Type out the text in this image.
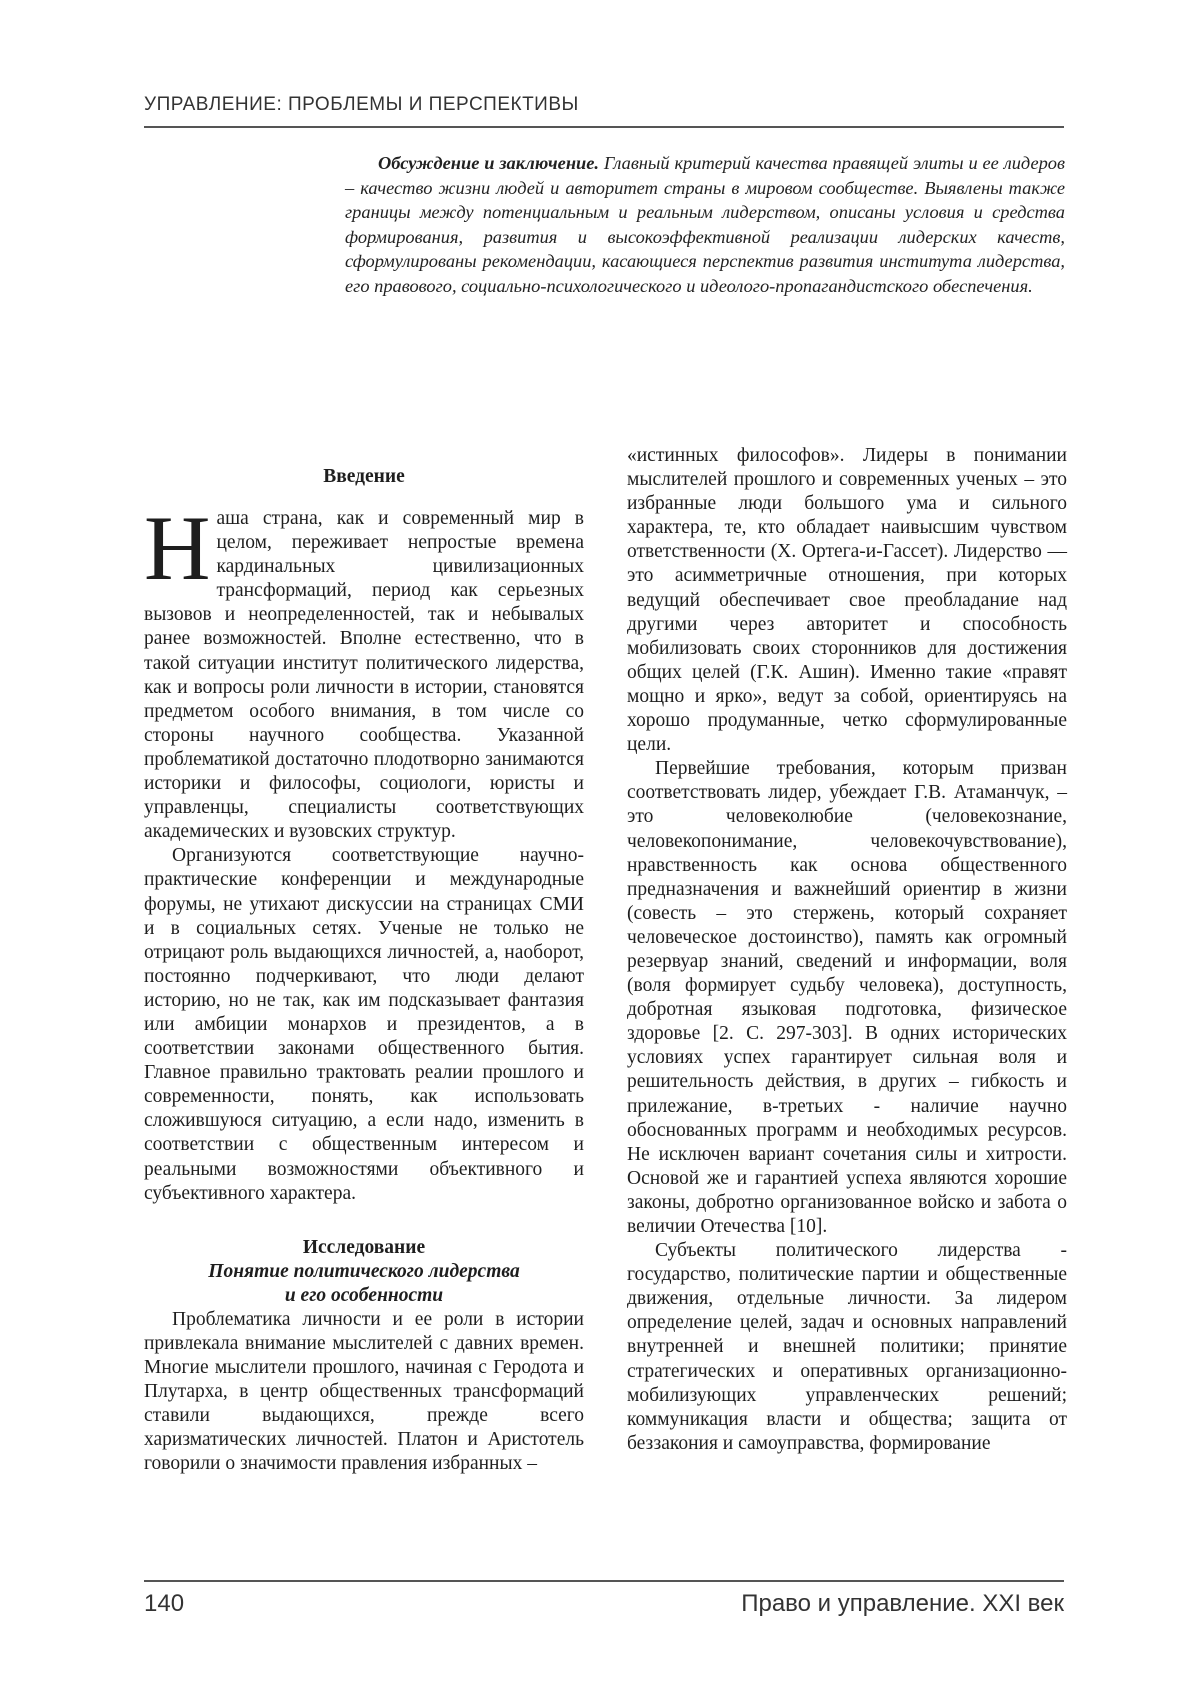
УПРАВЛЕНИЕ: ПРОБЛЕМЫ И ПЕРСПЕКТИВЫ

Обсуждение и заключение. Главный критерий качества правящей элиты и ее лидеров – качество жизни людей и авторитет страны в мировом сообществе. Выявлены также границы между потенциальным и реальным лидерством, описаны условия и средства формирования, развития и высокоэффективной реализации лидерских качеств, сформулированы рекомендации, касающиеся перспектив развития института лидерства, его правового, социально-психологического и идеолого-пропагандистского обеспечения.

Введение

Наша страна, как и современный мир в целом, переживает непростые времена кардинальных цивилизационных трансформаций, период как серьезных вызовов и неопределенностей, так и небывалых ранее возможностей. Вполне естественно, что в такой ситуации институт политического лидерства, как и вопросы роли личности в истории, становятся предметом особого внимания, в том числе со стороны научного сообщества. Указанной проблематикой достаточно плодотворно занимаются историки и философы, социологи, юристы и управленцы, специалисты соответствующих академических и вузовских структур.

Организуются соответствующие научно-практические конференции и международные форумы, не утихают дискуссии на страницах СМИ и в социальных сетях. Ученые не только не отрицают роль выдающихся личностей, а, наоборот, постоянно подчеркивают, что люди делают историю, но не так, как им подсказывает фантазия или амбиции монархов и президентов, а в соответствии законами общественного бытия. Главное правильно трактовать реалии прошлого и современности, понять, как использовать сложившуюся ситуацию, а если надо, изменить в соответствии с общественным интересом и реальными возможностями объективного и субъективного характера.

Исследование
Понятие политического лидерства
и его особенности

Проблематика личности и ее роли в истории привлекала внимание мыслителей с давних времен. Многие мыслители прошлого, начиная с Геродота и Плутарха, в центр общественных трансформаций ставили выдающихся, прежде всего харизматических личностей. Платон и Аристотель говорили о значимости правления избранных –

«истинных философов». Лидеры в понимании мыслителей прошлого и современных ученых – это избранные люди большого ума и сильного характера, те, кто обладает наивысшим чувством ответственности (Х. Ортега-и-Гассет). Лидерство — это асимметричные отношения, при которых ведущий обеспечивает свое преобладание над другими через авторитет и способность мобилизовать своих сторонников для достижения общих целей (Г.К. Ашин). Именно такие «правят мощно и ярко», ведут за собой, ориентируясь на хорошо продуманные, четко сформулированные цели.

Первейшие требования, которым призван соответствовать лидер, убеждает Г.В. Атаманчук, – это человеколюбие (человекознание, человекопонимание, человекочувствование), нравственность как основа общественного предназначения и важнейший ориентир в жизни (совесть – это стержень, который сохраняет человеческое достоинство), память как огромный резервуар знаний, сведений и информации, воля (воля формирует судьбу человека), доступность, добротная языковая подготовка, физическое здоровье [2. С. 297-303]. В одних исторических условиях успех гарантирует сильная воля и решительность действия, в других – гибкость и прилежание, в-третьих - наличие научно обоснованных программ и необходимых ресурсов. Не исключен вариант сочетания силы и хитрости. Основой же и гарантией успеха являются хорошие законы, добротно организованное войско и забота о величии Отечества [10].

Субъекты политического лидерства - государство, политические партии и общественные движения, отдельные личности. За лидером определение целей, задач и основных направлений внутренней и внешней политики; принятие стратегических и оперативных организационно-мобилизующих управленческих решений; коммуникация власти и общества; защита от беззакония и самоуправства, формирование

140	Право и управление. XXI век
